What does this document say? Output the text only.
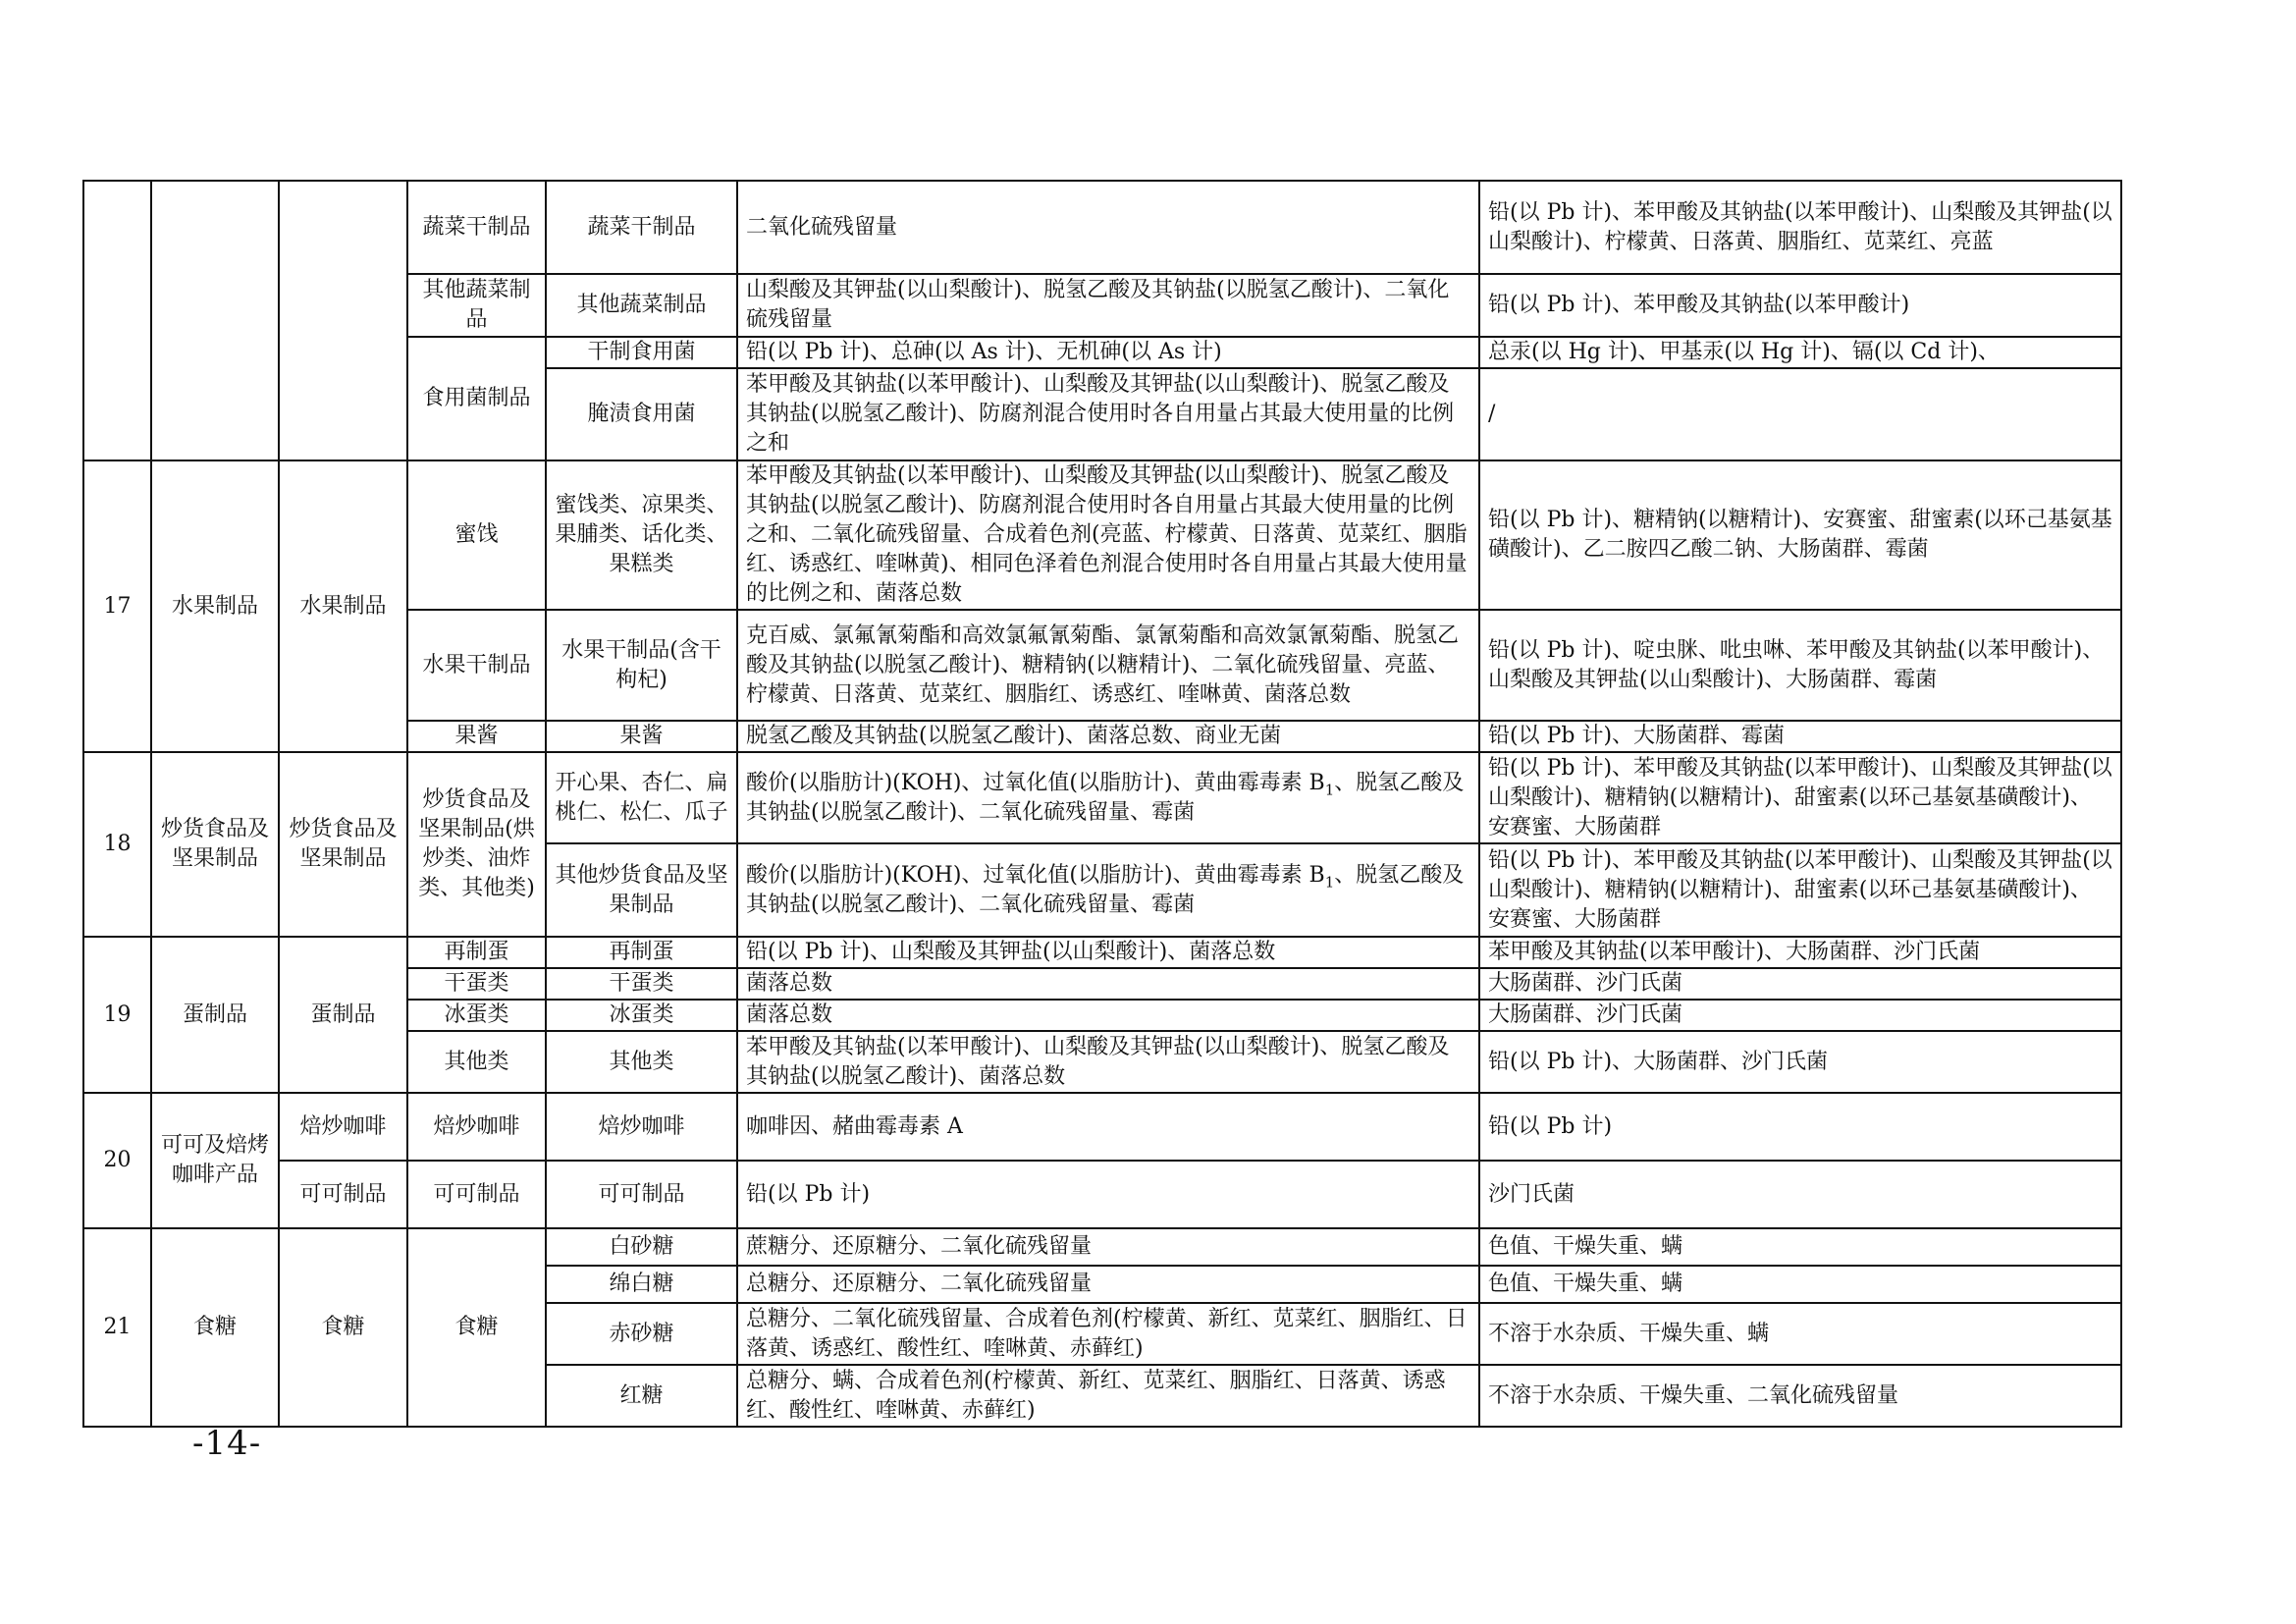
			蔬菜干制品	蔬菜干制品	二氧化硫残留量	铅(以 Pb 计)、苯甲酸及其钠盐(以苯甲酸计)、山梨酸及其钾盐(以山梨酸计)、柠檬黄、日落黄、胭脂红、苋菜红、亮蓝
			其他蔬菜制品	其他蔬菜制品	山梨酸及其钾盐(以山梨酸计)、脱氢乙酸及其钠盐(以脱氢乙酸计)、二氧化硫残留量	铅(以 Pb 计)、苯甲酸及其钠盐(以苯甲酸计)
			食用菌制品	干制食用菌	铅(以 Pb 计)、总砷(以 As 计)、无机砷(以 As 计)	总汞(以 Hg 计)、甲基汞(以 Hg 计)、镉(以 Cd 计)、
				腌渍食用菌	苯甲酸及其钠盐(以苯甲酸计)、山梨酸及其钾盐(以山梨酸计)、脱氢乙酸及其钠盐(以脱氢乙酸计)、防腐剂混合使用时各自用量占其最大使用量的比例之和	/
17	水果制品	水果制品	蜜饯	蜜饯类、凉果类、果脯类、话化类、果糕类	苯甲酸及其钠盐(以苯甲酸计)、山梨酸及其钾盐(以山梨酸计)、脱氢乙酸及其钠盐(以脱氢乙酸计)、防腐剂混合使用时各自用量占其最大使用量的比例之和、二氧化硫残留量、合成着色剂(亮蓝、柠檬黄、日落黄、苋菜红、胭脂红、诱惑红、喹啉黄)、相同色泽着色剂混合使用时各自用量占其最大使用量的比例之和、菌落总数	铅(以 Pb 计)、糖精钠(以糖精计)、安赛蜜、甜蜜素(以环己基氨基磺酸计)、乙二胺四乙酸二钠、大肠菌群、霉菌
			水果干制品	水果干制品(含干枸杞)	克百威、氯氟氰菊酯和高效氯氟氰菊酯、氯氰菊酯和高效氯氰菊酯、脱氢乙酸及其钠盐(以脱氢乙酸计)、糖精钠(以糖精计)、二氧化硫残留量、亮蓝、柠檬黄、日落黄、苋菜红、胭脂红、诱惑红、喹啉黄、菌落总数	铅(以 Pb 计)、啶虫脒、吡虫啉、苯甲酸及其钠盐(以苯甲酸计)、山梨酸及其钾盐(以山梨酸计)、大肠菌群、霉菌
			果酱	果酱	脱氢乙酸及其钠盐(以脱氢乙酸计)、菌落总数、商业无菌	铅(以 Pb 计)、大肠菌群、霉菌
18	炒货食品及坚果制品	炒货食品及坚果制品	炒货食品及坚果制品(烘炒类、油炸类、其他类)	开心果、杏仁、扁桃仁、松仁、瓜子	酸价(以脂肪计)(KOH)、过氧化值(以脂肪计)、黄曲霉毒素 $B_1$、脱氢乙酸及其钠盐(以脱氢乙酸计)、二氧化硫残留量、霉菌	铅(以 Pb 计)、苯甲酸及其钠盐(以苯甲酸计)、山梨酸及其钾盐(以山梨酸计)、糖精钠(以糖精计)、甜蜜素(以环己基氨基磺酸计)、安赛蜜、大肠菌群
				其他炒货食品及坚果制品	酸价(以脂肪计)(KOH)、过氧化值(以脂肪计)、黄曲霉毒素 $B_1$、脱氢乙酸及其钠盐(以脱氢乙酸计)、二氧化硫残留量、霉菌	铅(以 Pb 计)、苯甲酸及其钠盐(以苯甲酸计)、山梨酸及其钾盐(以山梨酸计)、糖精钠(以糖精计)、甜蜜素(以环己基氨基磺酸计)、安赛蜜、大肠菌群
19	蛋制品	蛋制品	再制蛋	再制蛋	铅(以 Pb 计)、山梨酸及其钾盐(以山梨酸计)、菌落总数	苯甲酸及其钠盐(以苯甲酸计)、大肠菌群、沙门氏菌
			干蛋类	干蛋类	菌落总数	大肠菌群、沙门氏菌
			冰蛋类	冰蛋类	菌落总数	大肠菌群、沙门氏菌
			其他类	其他类	苯甲酸及其钠盐(以苯甲酸计)、山梨酸及其钾盐(以山梨酸计)、脱氢乙酸及其钠盐(以脱氢乙酸计)、菌落总数	铅(以 Pb 计)、大肠菌群、沙门氏菌
20	可可及焙烤咖啡产品	焙炒咖啡	焙炒咖啡	焙炒咖啡	咖啡因、赭曲霉毒素 A	铅(以 Pb 计)
		可可制品	可可制品	可可制品	铅(以 Pb 计)	沙门氏菌
21	食糖	食糖	食糖	白砂糖	蔗糖分、还原糖分、二氧化硫残留量	色值、干燥失重、螨
				绵白糖	总糖分、还原糖分、二氧化硫残留量	色值、干燥失重、螨
				赤砂糖	总糖分、二氧化硫残留量、合成着色剂(柠檬黄、新红、苋菜红、胭脂红、日落黄、诱惑红、酸性红、喹啉黄、赤藓红)	不溶于水杂质、干燥失重、螨
				红糖	总糖分、螨、合成着色剂(柠檬黄、新红、苋菜红、胭脂红、日落黄、诱惑红、酸性红、喹啉黄、赤藓红)	不溶于水杂质、干燥失重、二氧化硫残留量
-14-
